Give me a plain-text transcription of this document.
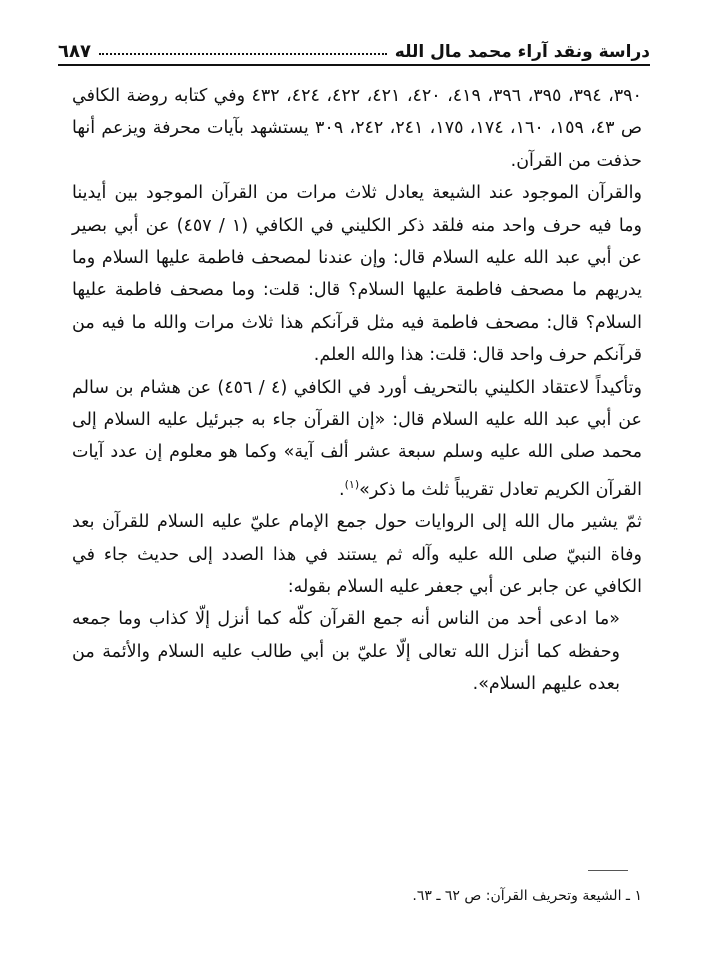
دراسة ونقد آراء محمد مال الله
٦٨٧

٣٩٠، ٣٩٤، ٣٩٥، ٣٩٦، ٤١٩، ٤٢٠، ٤٢١، ٤٢٢، ٤٢٤، ٤٣٢ وفي كتابه روضة الكافي ص ٤٣، ١٥٩، ١٦٠، ١٧٤، ١٧٥، ٢٤١، ٢٤٢، ٣٠٩ يستشهد بآيات محرفة ويزعم أنها حذفت من القرآن.

والقرآن الموجود عند الشيعة يعادل ثلاث مرات من القرآن الموجود بين أيدينا وما فيه حرف واحد منه فلقد ذكر الكليني في الكافي (١ / ٤٥٧) عن أبي بصير عن أبي عبد الله عليه السلام قال: وإن عندنا لمصحف فاطمة عليها السلام وما يدريهم ما مصحف فاطمة عليها السلام؟ قال: قلت: وما مصحف فاطمة عليها السلام؟ قال: مصحف فاطمة فيه مثل قرآنكم هذا ثلاث مرات والله ما فيه من قرآنكم حرف واحد قال: قلت: هذا والله العلم.

وتأكيداً لاعتقاد الكليني بالتحريف أورد في الكافي (٤ / ٤٥٦) عن هشام بن سالم عن أبي عبد الله عليه السلام قال: «إن القرآن جاء به جبرئيل عليه السلام إلى محمد صلى الله عليه وسلم سبعة عشر ألف آية» وكما هو معلوم إن عدد آيات القرآن الكريم تعادل تقريباً ثلث ما ذكر»$^{(١)}$.

ثمّ يشير مال الله إلى الروايات حول جمع الإمام عليّ عليه السلام للقرآن بعد وفاة النبيّ صلى الله عليه وآله ثم يستند في هذا الصدد إلى حديث جاء في الكافي عن جابر عن أبي جعفر عليه السلام بقوله:

«ما ادعى أحد من الناس أنه جمع القرآن كلّه كما أنزل إلّا كذاب وما جمعه وحفظه كما أنزل الله تعالى إلّا عليّ بن أبي طالب عليه السلام والأئمة من بعده عليهم السلام».

١ ـ الشيعة وتحريف القرآن: ص ٦٢ ـ ٦٣.
